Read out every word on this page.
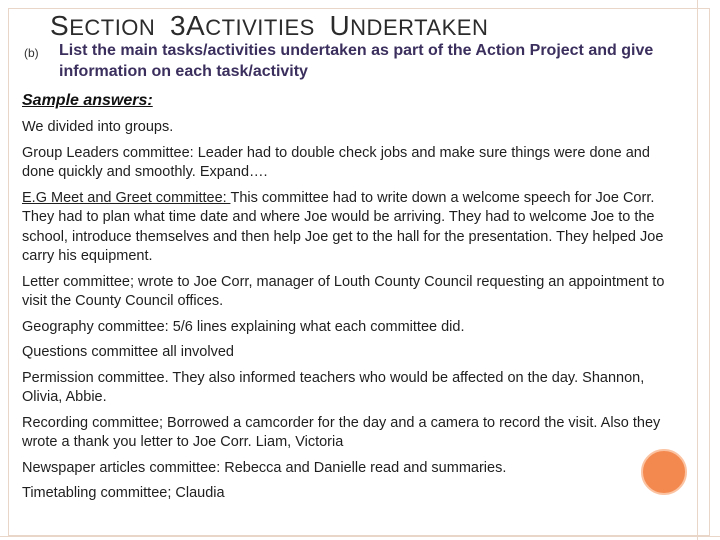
SECTION 3ACTIVITIES UNDERTAKEN
(b) List the main tasks/activities undertaken as part of the Action Project and give information on each task/activity
Sample answers:

We divided into groups.

Group Leaders committee: Leader had to double check jobs and make sure things were done and done quickly and smoothly. Expand….

E.G Meet and Greet committee: This committee had to write down a welcome speech for Joe Corr. They had to plan what time date and where Joe would be arriving. They had to welcome Joe to the school, introduce themselves and then help Joe get to the hall for the presentation. They helped Joe carry his equipment.

Letter committee; wrote to Joe Corr, manager of Louth County Council requesting an appointment to visit the County Council offices.

Geography committee: 5/6 lines explaining what each committee did.

Questions committee all involved

Permission committee. They also informed teachers who would be affected on the day. Shannon, Olivia, Abbie.

Recording committee; Borrowed a camcorder for the day and a camera to record the visit. Also they wrote a thank you letter to Joe Corr. Liam, Victoria

Newspaper articles committee: Rebecca and Danielle read and summaries.

Timetabling committee; Claudia
